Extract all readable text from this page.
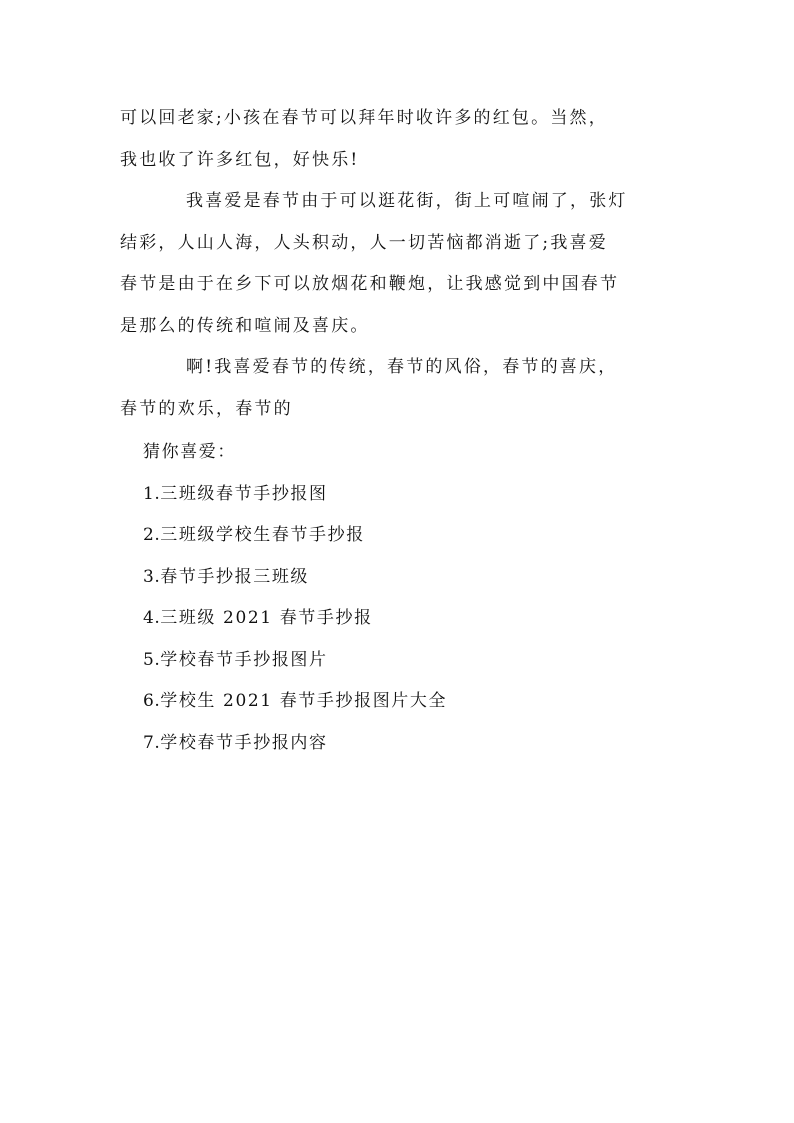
可以回老家;小孩在春节可以拜年时收许多的红包。当然，
我也收了许多红包，好快乐!
我喜爱是春节由于可以逛花街，街上可喧闹了，张灯
结彩，人山人海，人头积动，人一切苦恼都消逝了;我喜爱
春节是由于在乡下可以放烟花和鞭炮，让我感觉到中国春节
是那么的传统和喧闹及喜庆。
啊!我喜爱春节的传统，春节的风俗，春节的喜庆，
春节的欢乐，春节的
猜你喜爱：
1.三班级春节手抄报图
2.三班级学校生春节手抄报
3.春节手抄报三班级
4.三班级 2021 春节手抄报
5.学校春节手抄报图片
6.学校生 2021 春节手抄报图片大全
7.学校春节手抄报内容
